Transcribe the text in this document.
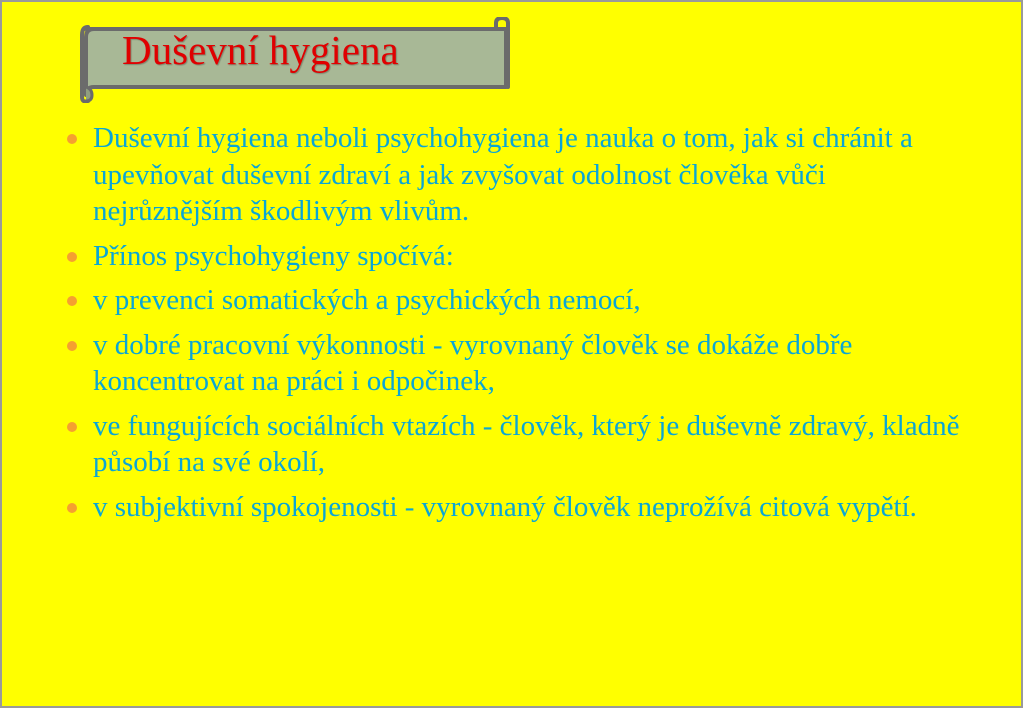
Duševní hygiena
Duševní hygiena neboli psychohygiena je nauka o tom, jak si chránit a upevňovat duševní zdraví a jak zvyšovat odolnost člověka vůči nejrůznějším škodlivým vlivům.
Přínos psychohygieny spočívá:
v prevenci somatických a psychických nemocí,
v dobré pracovní výkonnosti - vyrovnaný člověk se dokáže dobře koncentrovat na práci i odpočinek,
ve fungujících sociálních vtazích - člověk, který je duševně zdravý, kladně působí na své okolí,
v subjektivní spokojenosti - vyrovnaný člověk neprožívá citová vypětí.
